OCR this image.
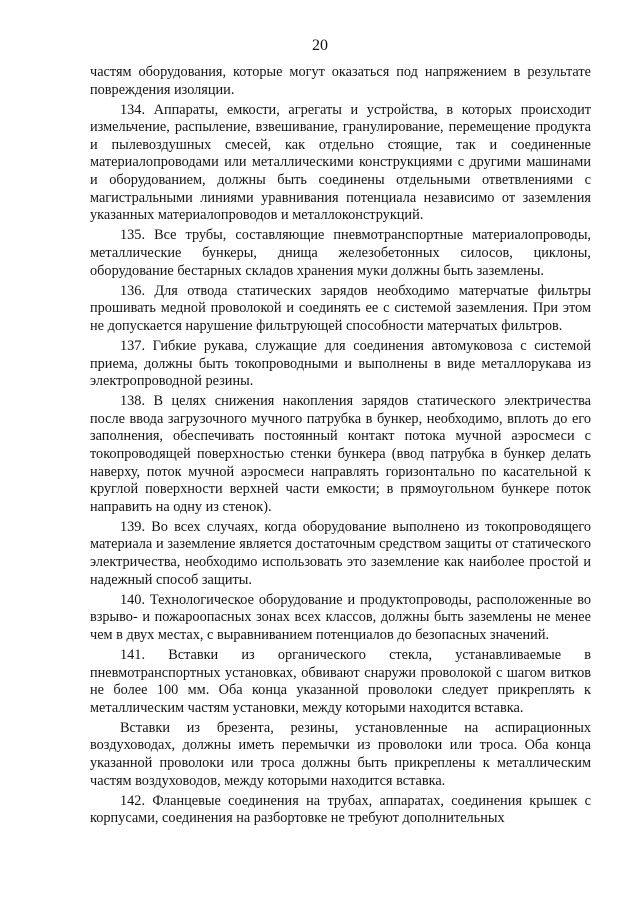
20

частям оборудования, которые могут оказаться под напряжением в результате повреждения изоляции.

134. Аппараты, емкости, агрегаты и устройства, в которых происходит измельчение, распыление, взвешивание, гранулирование, перемещение продукта и пылевоздушных смесей, как отдельно стоящие, так и соединенные материалопроводами или металлическими конструкциями с другими машинами и оборудованием, должны быть соединены отдельными ответвлениями с магистральными линиями уравнивания потенциала независимо от заземления указанных материалопроводов и металлоконструкций.

135. Все трубы, составляющие пневмотранспортные материалопроводы, металлические бункеры, днища железобетонных силосов, циклоны, оборудование бестарных складов хранения муки должны быть заземлены.

136. Для отвода статических зарядов необходимо матерчатые фильтры прошивать медной проволокой и соединять ее с системой заземления. При этом не допускается нарушение фильтрующей способности матерчатых фильтров.

137. Гибкие рукава, служащие для соединения автомуковоза с системой приема, должны быть токопроводными и выполнены в виде металлорукава из электропроводной резины.

138. В целях снижения накопления зарядов статического электричества после ввода загрузочного мучного патрубка в бункер, необходимо, вплоть до его заполнения, обеспечивать постоянный контакт потока мучной аэросмеси с токопроводящей поверхностью стенки бункера (ввод патрубка в бункер делать наверху, поток мучной аэросмеси направлять горизонтально по касательной к круглой поверхности верхней части емкости; в прямоугольном бункере поток направить на одну из стенок).

139. Во всех случаях, когда оборудование выполнено из токопроводящего материала и заземление является достаточным средством защиты от статического электричества, необходимо использовать это заземление как наиболее простой и надежный способ защиты.

140. Технологическое оборудование и продуктопроводы, расположенные во взрыво- и пожароопасных зонах всех классов, должны быть заземлены не менее чем в двух местах, с выравниванием потенциалов до безопасных значений.

141. Вставки из органического стекла, устанавливаемые в пневмотранспортных установках, обвивают снаружи проволокой с шагом витков не более 100 мм. Оба конца указанной проволоки следует прикреплять к металлическим частям установки, между которыми находится вставка.

Вставки из брезента, резины, установленные на аспирационных воздуховодах, должны иметь перемычки из проволоки или троса. Оба конца указанной проволоки или троса должны быть прикреплены к металлическим частям воздуховодов, между которыми находится вставка.

142. Фланцевые соединения на трубах, аппаратах, соединения крышек с корпусами, соединения на разбортовке не требуют дополнительных
